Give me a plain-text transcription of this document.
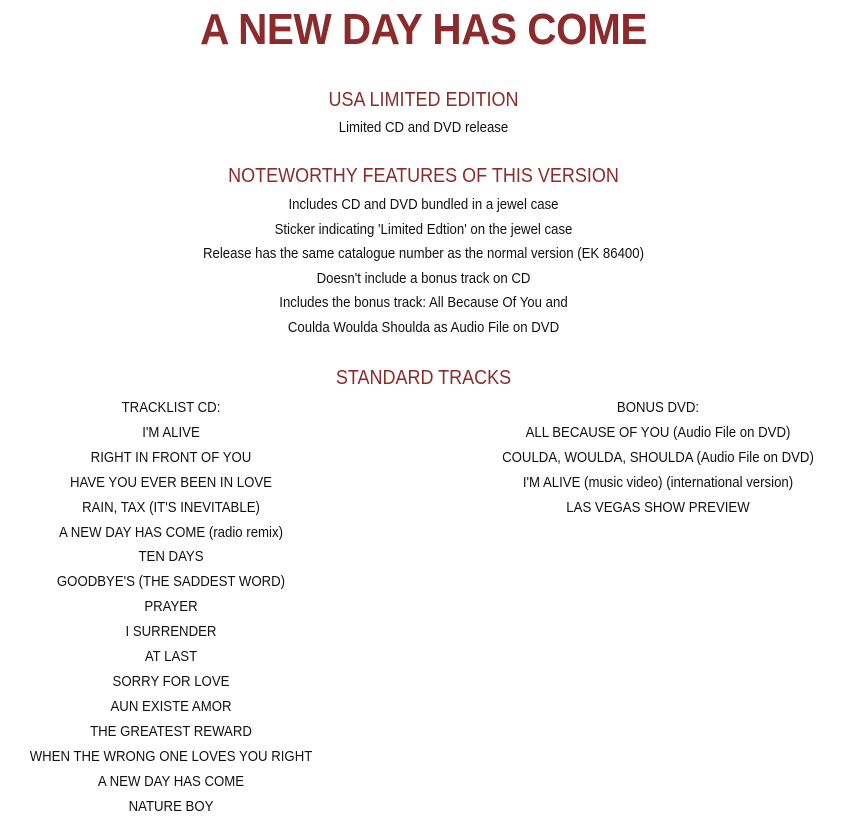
A NEW DAY HAS COME
USA LIMITED EDITION
Limited CD and DVD release
NOTEWORTHY FEATURES OF THIS VERSION
Includes CD and DVD bundled in a jewel case
Sticker indicating 'Limited Edtion' on the jewel case
Release has the same catalogue number as the normal version (EK 86400)
Doesn't include a bonus track on CD
Includes the bonus track: All Because Of You and
Coulda Woulda Shoulda as Audio File on DVD
STANDARD TRACKS
TRACKLIST CD:
I'M ALIVE
RIGHT IN FRONT OF YOU
HAVE YOU EVER BEEN IN LOVE
RAIN, TAX (IT'S INEVITABLE)
A NEW DAY HAS COME (radio remix)
TEN DAYS
GOODBYE'S (THE SADDEST WORD)
PRAYER
I SURRENDER
AT LAST
SORRY FOR LOVE
AUN EXISTE AMOR
THE GREATEST REWARD
WHEN THE WRONG ONE LOVES YOU RIGHT
A NEW DAY HAS COME
NATURE BOY
BONUS DVD:
ALL BECAUSE OF YOU (Audio File on DVD)
COULDA, WOULDA, SHOULDA (Audio File on DVD)
I'M ALIVE (music video) (international version)
LAS VEGAS SHOW PREVIEW
